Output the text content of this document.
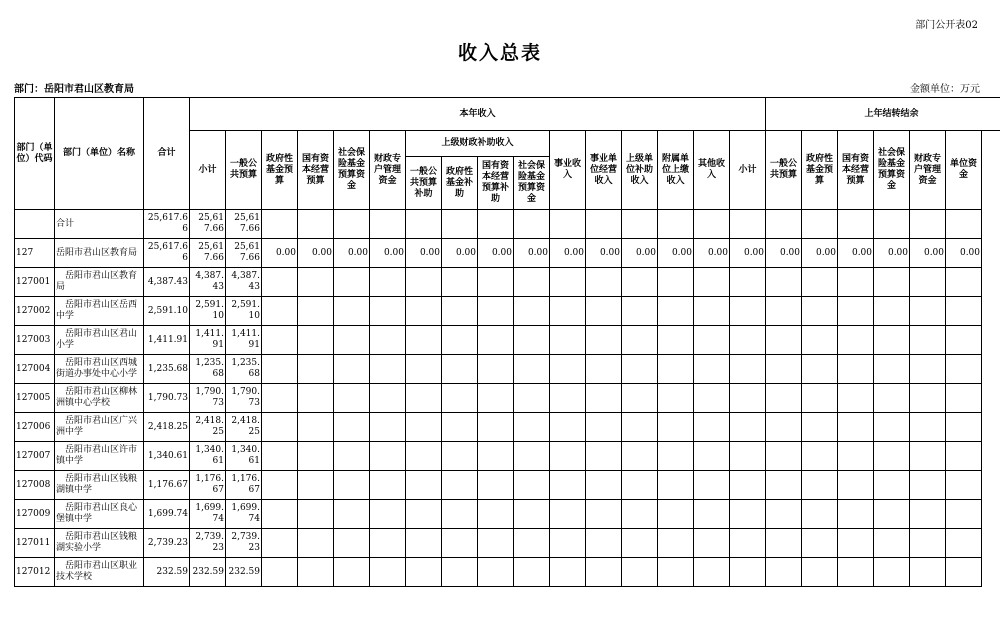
部门公开表02
收入总表
部门：岳阳市君山区教育局	金额单位：万元
部门（单位）代码	部门（单位）名称	合计	本年收入																上年结转结余					
			小计	一般公共预算	政府性基金预算	国有资本经营预算	社会保险基金预算资金	财政专户管理资金	上级财政补助收入				事业收入	事业单位经营收入	上级单位补助收入	附属单位上缴收入	其他收入	小计	一般公共预算	政府性基金预算	国有资本经营预算	社会保险基金预算资金	财政专户管理资金	单位资金
									一般公共预算补助	政府性基金补助	国有资本经营预算补助	社会保险基金预算资金												
	合计	25,617.66	25,617.66	25,617.66																				
127	岳阳市君山区教育局	25,617.66	25,617.66	25,617.66	0.00	0.00	0.00	0.00	0.00	0.00	0.00	0.00	0.00	0.00	0.00	0.00	0.00	0.00	0.00	0.00	0.00	0.00	0.00	0.00
127001	岳阳市君山区教育局	4,387.43	4,387.43	4,387.43																				
127002	岳阳市君山区岳西中学	2,591.10	2,591.10	2,591.10																				
127003	岳阳市君山区君山小学	1,411.91	1,411.91	1,411.91																				
127004	岳阳市君山区西城街道办事处中心小学	1,235.68	1,235.68	1,235.68																				
127005	岳阳市君山区柳林洲镇中心学校	1,790.73	1,790.73	1,790.73																				
127006	岳阳市君山区广兴洲中学	2,418.25	2,418.25	2,418.25																				
127007	岳阳市君山区许市镇中学	1,340.61	1,340.61	1,340.61																				
127008	岳阳市君山区钱粮湖镇中学	1,176.67	1,176.67	1,176.67																				
127009	岳阳市君山区良心堡镇中学	1,699.74	1,699.74	1,699.74																				
127011	岳阳市君山区钱粮湖实验小学	2,739.23	2,739.23	2,739.23																				
127012	岳阳市君山区职业技术学校	232.59	232.59	232.59																				
